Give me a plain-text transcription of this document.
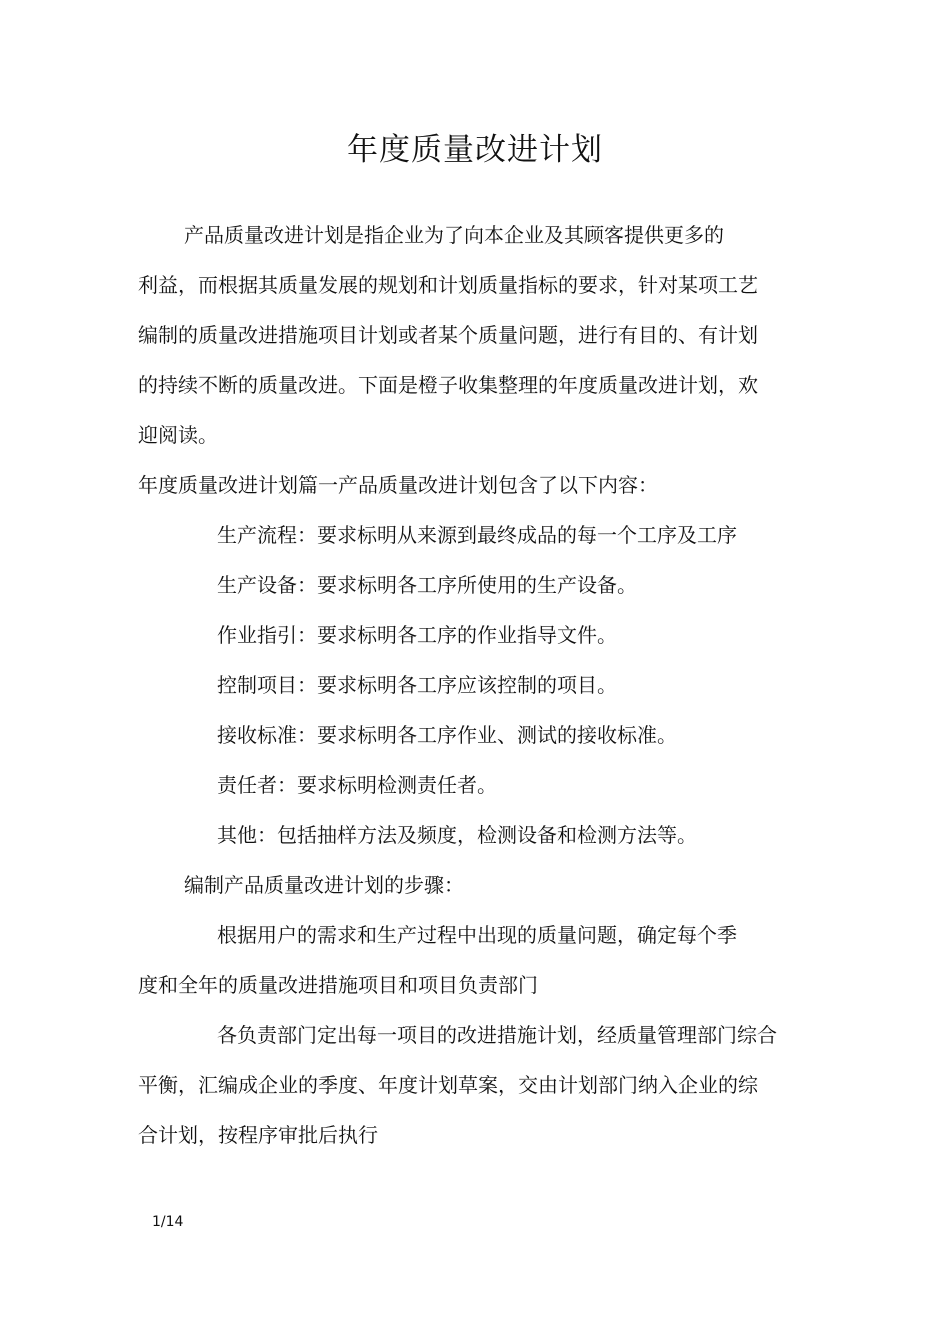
年度质量改进计划

产品质量改进计划是指企业为了向本企业及其顾客提供更多的

利益，而根据其质量发展的规划和计划质量指标的要求，针对某项工艺

编制的质量改进措施项目计划或者某个质量问题，进行有目的、有计划

的持续不断的质量改进。下面是橙子收集整理的年度质量改进计划，欢

迎阅读。

年度质量改进计划篇一产品质量改进计划包含了以下内容：

生产流程：要求标明从来源到最终成品的每一个工序及工序

生产设备：要求标明各工序所使用的生产设备。

作业指引：要求标明各工序的作业指导文件。

控制项目：要求标明各工序应该控制的项目。

接收标准：要求标明各工序作业、测试的接收标准。

责任者：要求标明检测责任者。

其他：包括抽样方法及频度，检测设备和检测方法等。

编制产品质量改进计划的步骤：

根据用户的需求和生产过程中出现的质量问题，确定每个季

度和全年的质量改进措施项目和项目负责部门

各负责部门定出每一项目的改进措施计划，经质量管理部门综合

平衡，汇编成企业的季度、年度计划草案，交由计划部门纳入企业的综

合计划，按程序审批后执行

1/14
